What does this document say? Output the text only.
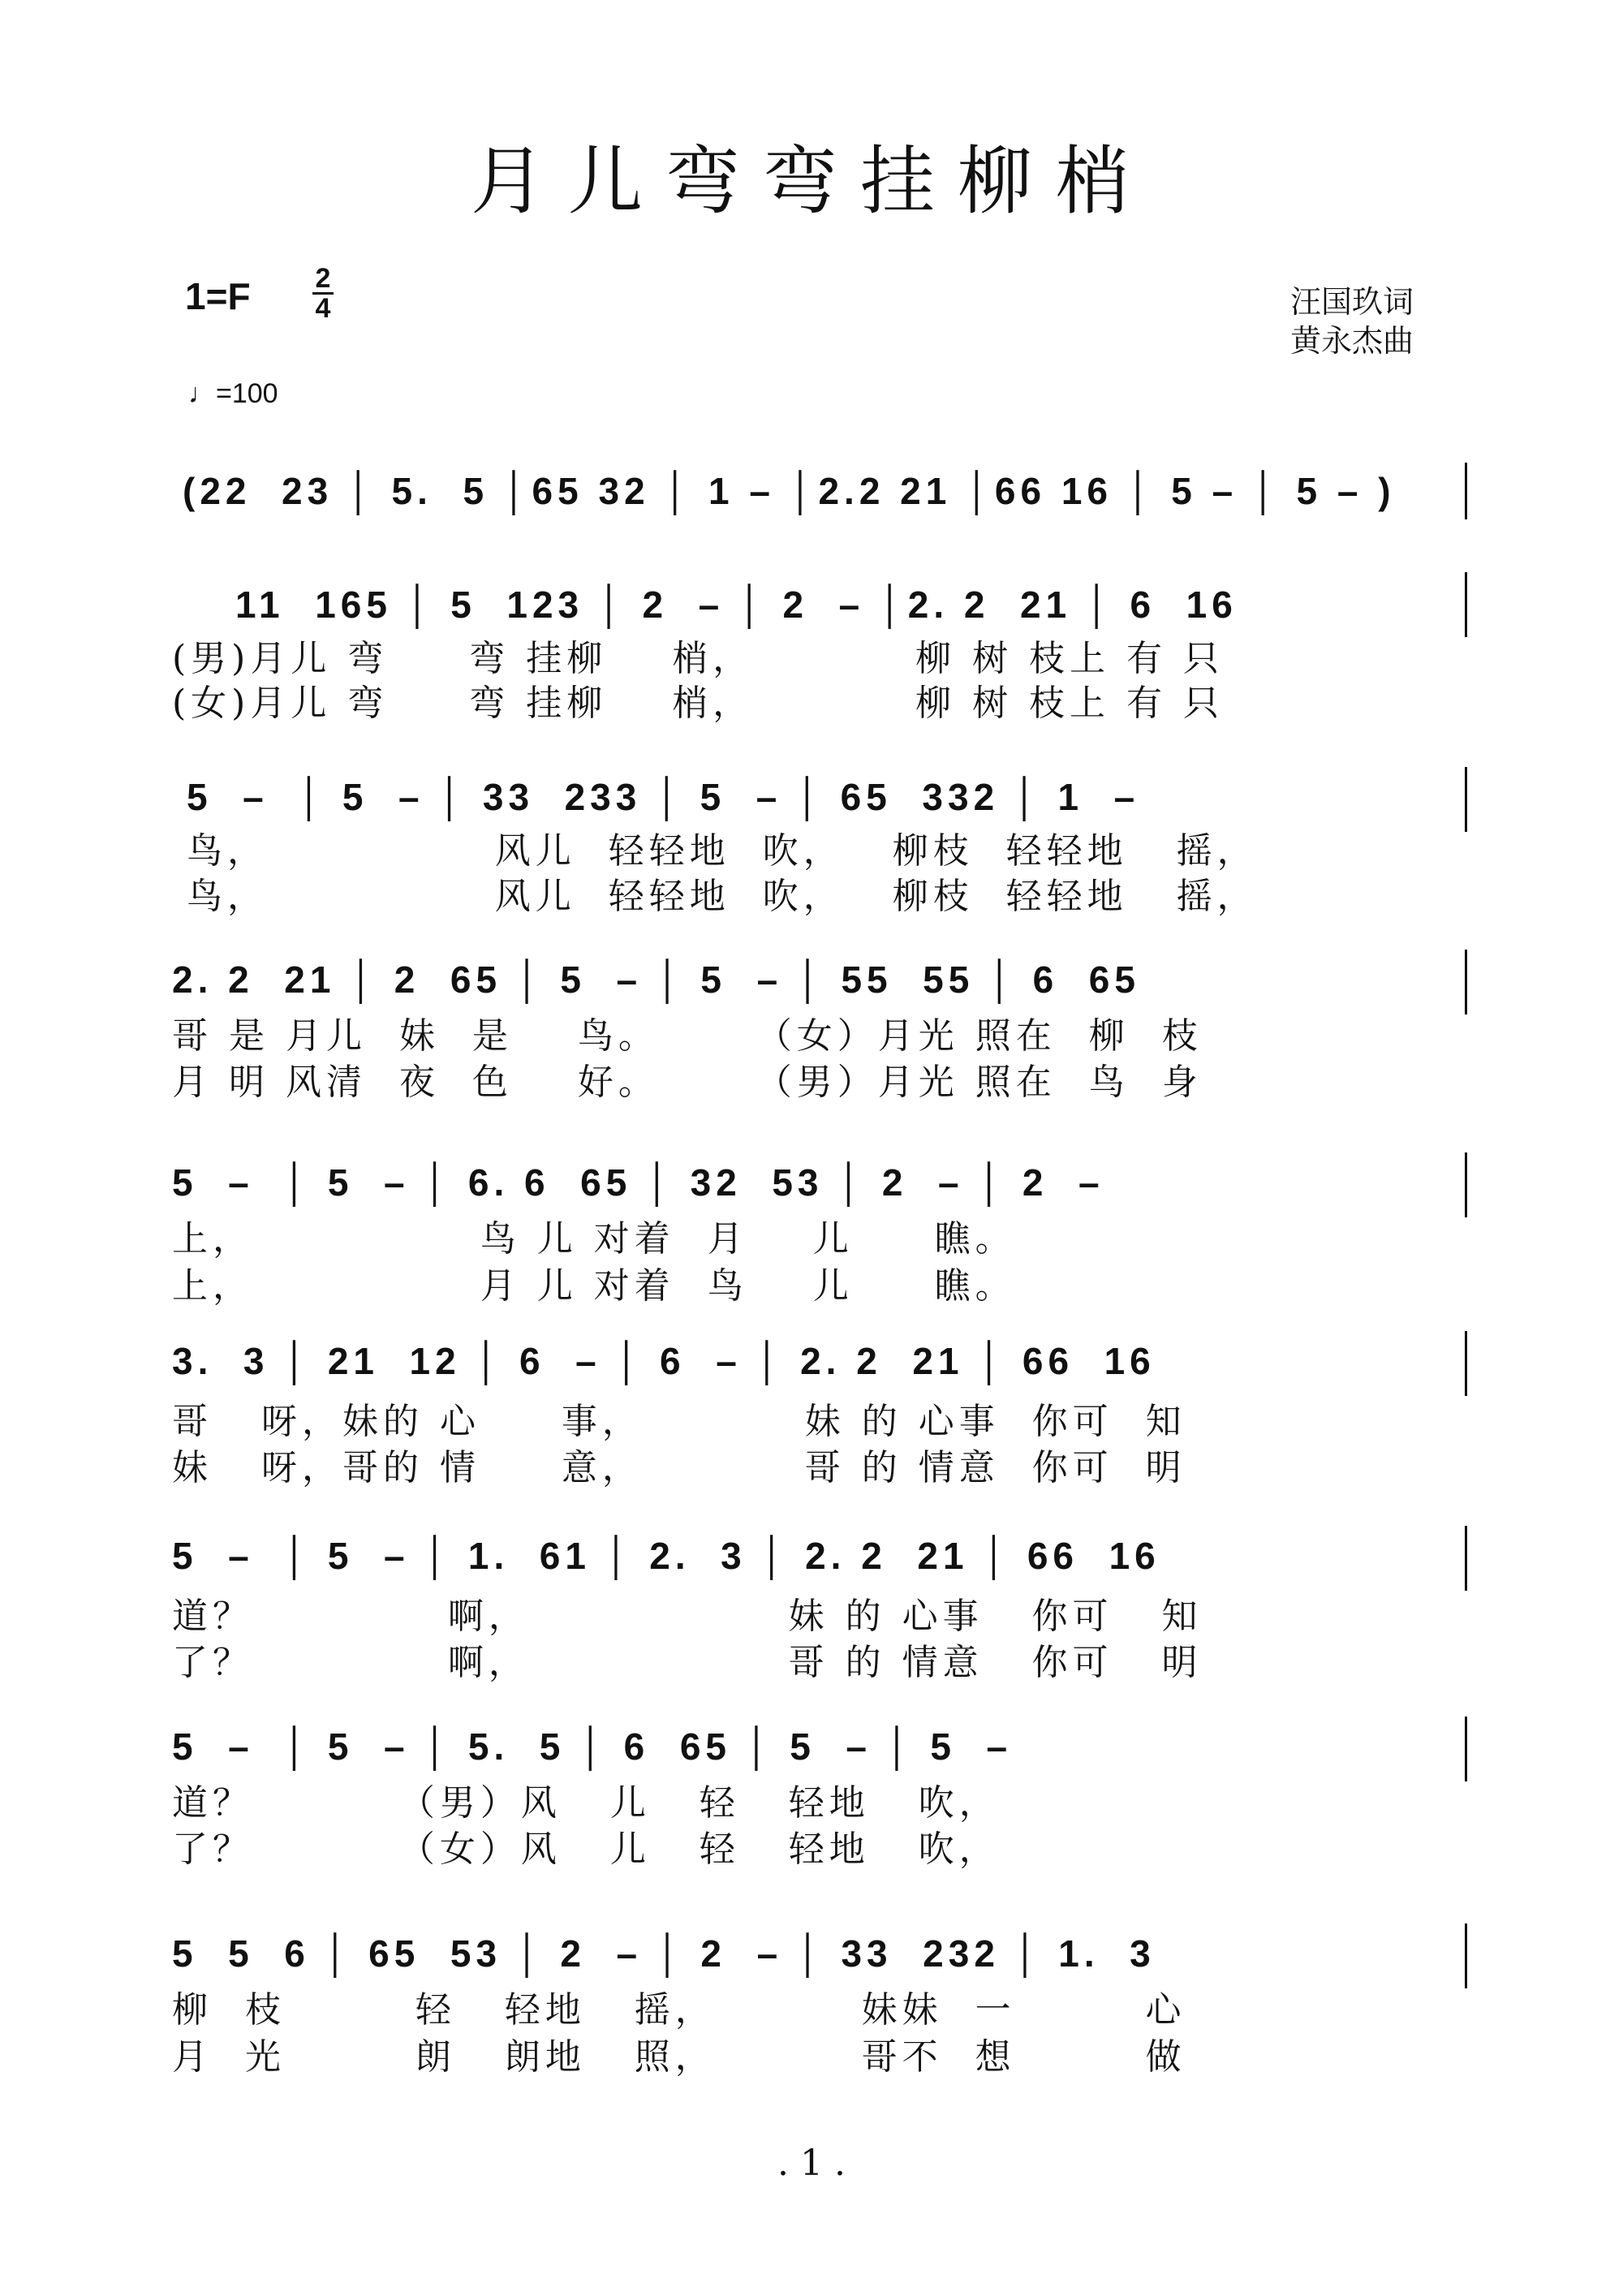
月儿弯弯挂柳梢
1=F	2
4
♩=100
汪国玖词
黄永杰曲
(22  23 │ 5.  5 │65 32 │ 1 – │2.2 21 │66 16 │ 5 – │ 5 – )
11  165 │ 5  123 │ 2  – │ 2  – │2. 2  21 │ 6  16
(男)月儿 弯     弯 挂柳    梢，          柳 树 枝上 有 只
(女)月儿 弯     弯 挂柳    梢，          柳 树 枝上 有 只
5  –  │ 5  – │ 33  233 │ 5  – │ 65  332 │ 1  –
鸟，              风儿  轻轻地  吹，   柳枝  轻轻地   摇，
鸟，              风儿  轻轻地  吹，   柳枝  轻轻地   摇，
2. 2  21 │ 2  65 │ 5  – │ 5  – │ 55  55 │ 6  65
哥 是 月儿  妹  是    鸟。      （女）月光 照在  柳  枝
月 明 风清  夜  色    好。      （男）月光 照在  鸟  身
5  –  │ 5  – │ 6. 6  65 │ 32  53 │ 2  – │ 2  –
上，              鸟 儿 对着  月    儿     瞧。
上，              月 儿 对着  鸟    儿     瞧。
3.  3 │ 21  12 │ 6  – │ 6  – │ 2. 2  21 │ 66  16
哥   呀，妹的 心     事，          妹 的 心事  你可  知
妹   呀，哥的 情     意，          哥 的 情意  你可  明
5  –  │ 5  – │ 1.  61 │ 2.  3 │ 2. 2  21 │ 66  16
道？            啊，                妹 的 心事   你可   知
了？            啊，                哥 的 情意   你可   明
5  –  │ 5  – │ 5.  5 │ 6  65 │ 5  – │ 5  –
道？         （男）风   儿   轻   轻地   吹，
了？         （女）风   儿   轻   轻地   吹，
5  5  6 │ 65  53 │ 2  – │ 2  – │ 33  232 │ 1.  3
柳  枝        轻   轻地   摇，         妹妹  一        心
月  光        朗   朗地   照，         哥不  想        做
. 1 .
